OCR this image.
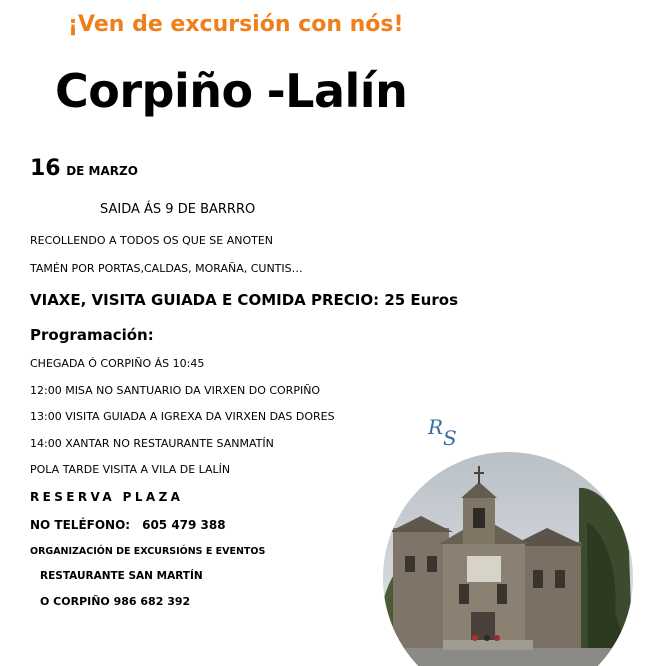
¡Ven de excursión con nós!
Corpiño -Lalín
16 DE MARZO
SAIDA ÁS 9 DE BARRRO
RECOLLENDO A TODOS OS QUE SE ANOTEN
TAMÉN POR PORTAS,CALDAS, MORAÑA, CUNTIS…
VIAXE, VISITA GUIADA E COMIDA PRECIO: 25 Euros
Programación:
CHEGADA Ó CORPIÑO ÁS 10:45
12:00 MISA NO SANTUARIO DA VIRXEN DO CORPIÑO
13:00 VISITA GUIADA A IGREXA DA VIRXEN DAS DORES
14:00 XANTAR NO RESTAURANTE SANMATÍN
POLA TARDE VISITA A VILA DE LALÍN
RESERVA PLAZA
NO TELÉFONO: 605 479 388
ORGANIZACIÓN DE EXCURSIÓNS E EVENTOS
RESTAURANTE SAN MARTÍN
O CORPIÑO 986 682 392
R S
